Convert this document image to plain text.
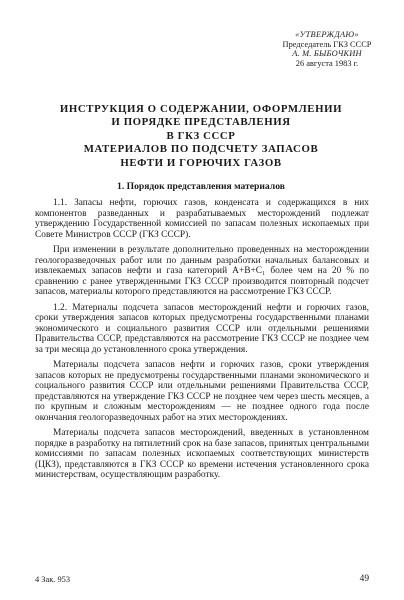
«УТВЕРЖДАЮ»
Председатель ГКЗ СССР
А. М. БЫБОЧКИН
26 августа 1983 г.
ИНСТРУКЦИЯ О СОДЕРЖАНИИ, ОФОРМЛЕНИИ
И ПОРЯДКЕ ПРЕДСТАВЛЕНИЯ
В ГКЗ СССР
МАТЕРИАЛОВ ПО ПОДСЧЕТУ ЗАПАСОВ
НЕФТИ И ГОРЮЧИХ ГАЗОВ
1. Порядок представления материалов

1.1. Запасы нефти, горючих газов, конденсата и содержащихся в них компонентов разведанных и разрабатываемых месторождений подлежат утверждению Государственной комиссией по запасам полезных ископаемых при Совете Министров СССР (ГКЗ СССР).

При изменении в результате дополнительно проведенных на месторождении геологоразведочных работ или по данным разработки начальных балансовых и извлекаемых запасов нефти и газа категорий А+В+С₁ более чем на 20 % по сравнению с ранее утвержденными ГКЗ СССР производится повторный подсчет запасов, материалы которого представляются на рассмотрение ГКЗ СССР.

1.2. Материалы подсчета запасов месторождений нефти и горючих газов, сроки утверждения запасов которых предусмотрены государственными планами экономического и социального развития СССР или отдельными решениями Правительства СССР, представляются на рассмотрение ГКЗ СССР не позднее чем за три месяца до установленного срока утверждения.

Материалы подсчета запасов нефти и горючих газов, сроки утверждения запасов которых не предусмотрены государственными планами экономического и социального развития СССР или отдельными решениями Правительства СССР, представляются на утверждение ГКЗ СССР не позднее чем через шесть месяцев, а по крупным и сложным месторождениям — не позднее одного года после окончания геологоразведочных работ на этих месторождениях.

Материалы подсчета запасов месторождений, введенных в установленном порядке в разработку на пятилетний срок на базе запасов, принятых центральными комиссиями по запасам полезных ископаемых соответствующих министерств (ЦКЗ), представляются в ГКЗ СССР ко времени истечения установленного срока министерствам, осуществляющим разработку.

4 Зак. 953	49
